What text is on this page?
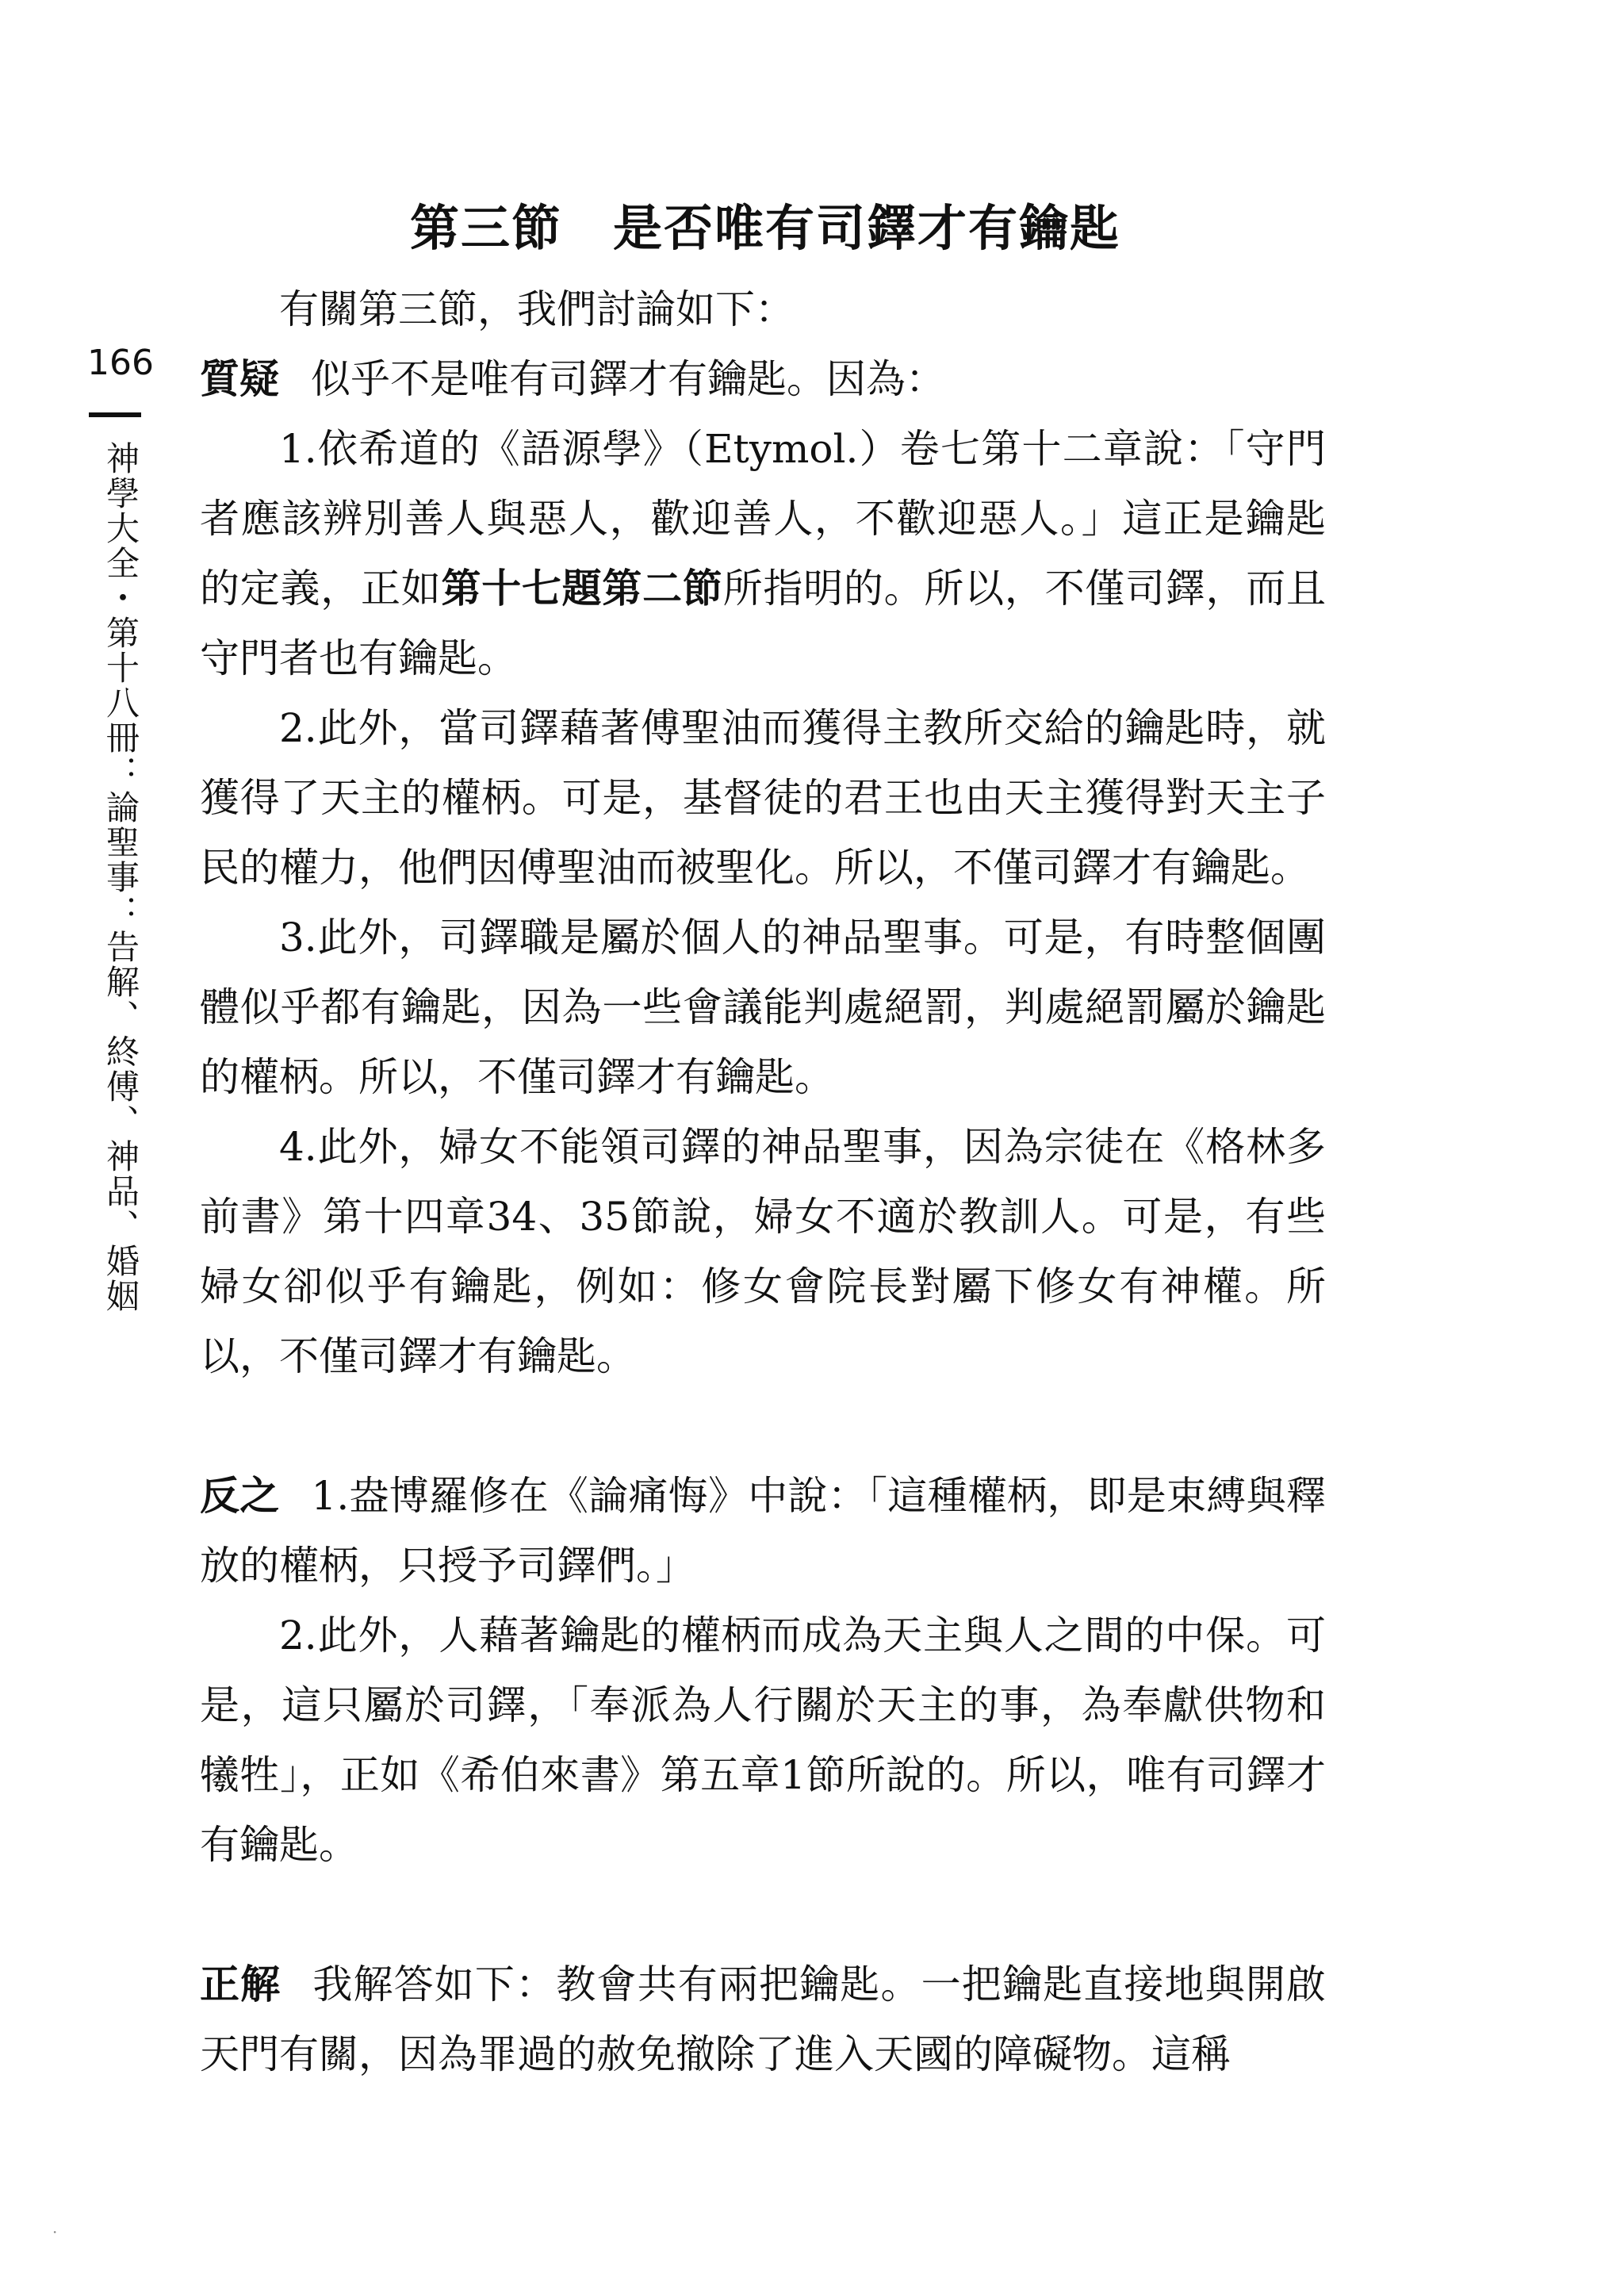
第三節　是否唯有司鐸才有鑰匙
166
神學大全・第十八冊：論聖事：告解、終傅、神品、婚姻

有關第三節，我們討論如下：

質疑 似乎不是唯有司鐸才有鑰匙。因為：

1.依希道的《語源學》（Etymol.）卷七第十二章說：「守門者應該辨別善人與惡人，歡迎善人，不歡迎惡人。」這正是鑰匙的定義，正如第十七題第二節所指明的。所以，不僅司鐸，而且守門者也有鑰匙。

2.此外，當司鐸藉著傅聖油而獲得主教所交給的鑰匙時，就獲得了天主的權柄。可是，基督徒的君王也由天主獲得對天主子民的權力，他們因傅聖油而被聖化。所以，不僅司鐸才有鑰匙。

3.此外，司鐸職是屬於個人的神品聖事。可是，有時整個團體似乎都有鑰匙，因為一些會議能判處絕罰，判處絕罰屬於鑰匙的權柄。所以，不僅司鐸才有鑰匙。

4.此外，婦女不能領司鐸的神品聖事，因為宗徒在《格林多前書》第十四章34、35節說，婦女不適於教訓人。可是，有些婦女卻似乎有鑰匙，例如：修女會院長對屬下修女有神權。所以，不僅司鐸才有鑰匙。

反之 1.盎博羅修在《論痛悔》中說：「這種權柄，即是束縛與釋放的權柄，只授予司鐸們。」

2.此外，人藉著鑰匙的權柄而成為天主與人之間的中保。可是，這只屬於司鐸，「奉派為人行關於天主的事，為奉獻供物和犧牲」，正如《希伯來書》第五章1節所說的。所以，唯有司鐸才有鑰匙。

正解 我解答如下：教會共有兩把鑰匙。一把鑰匙直接地與開啟天門有關，因為罪過的赦免撤除了進入天國的障礙物。這稱

·
